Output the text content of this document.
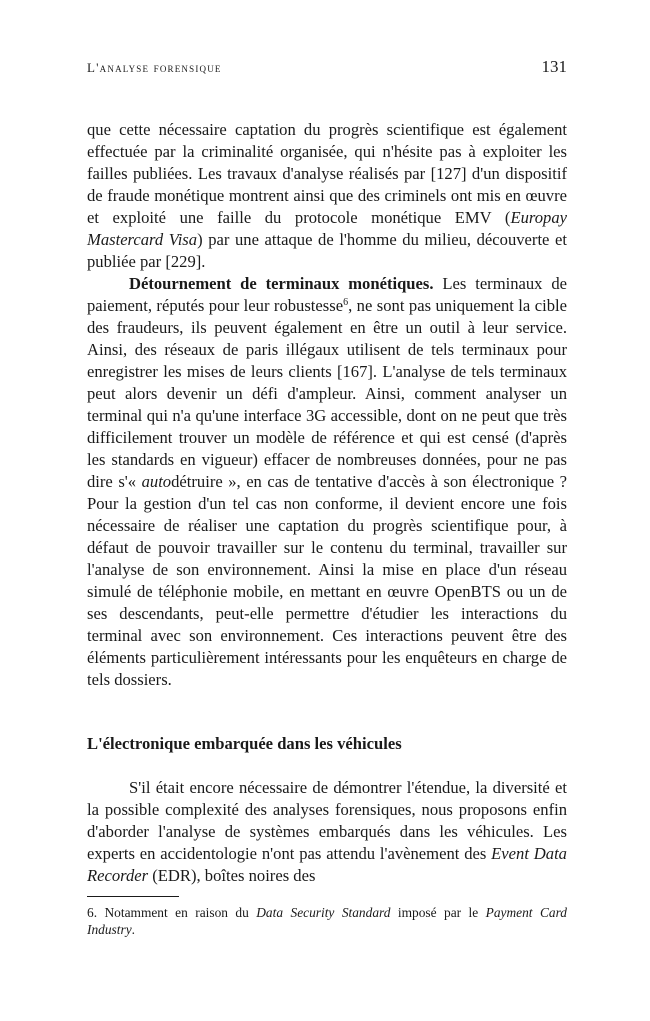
L'analyse forensique	131

que cette nécessaire captation du progrès scientifique est également effectuée par la criminalité organisée, qui n'hésite pas à exploiter les failles publiées. Les travaux d'analyse réalisés par [127] d'un dispositif de fraude monétique montrent ainsi que des criminels ont mis en œuvre et exploité une faille du protocole monétique EMV (Europay Mastercard Visa) par une attaque de l'homme du milieu, découverte et publiée par [229].

Détournement de terminaux monétiques. Les terminaux de paiement, réputés pour leur robustesse$^6$, ne sont pas uniquement la cible des fraudeurs, ils peuvent également en être un outil à leur service. Ainsi, des réseaux de paris illégaux utilisent de tels terminaux pour enregistrer les mises de leurs clients [167]. L'analyse de tels terminaux peut alors devenir un défi d'ampleur. Ainsi, comment analyser un terminal qui n'a qu'une interface 3G accessible, dont on ne peut que très difficilement trouver un modèle de référence et qui est censé (d'après les standards en vigueur) effacer de nombreuses données, pour ne pas dire s'« autodétruire », en cas de tentative d'accès à son électronique ? Pour la gestion d'un tel cas non conforme, il devient encore une fois nécessaire de réaliser une captation du progrès scientifique pour, à défaut de pouvoir travailler sur le contenu du terminal, travailler sur l'analyse de son environnement. Ainsi la mise en place d'un réseau simulé de téléphonie mobile, en mettant en œuvre OpenBTS ou un de ses descendants, peut-elle permettre d'étudier les interactions du terminal avec son environnement. Ces interactions peuvent être des éléments particulièrement intéressants pour les enquêteurs en charge de tels dossiers.

L'électronique embarquée dans les véhicules

S'il était encore nécessaire de démontrer l'étendue, la diversité et la possible complexité des analyses forensiques, nous proposons enfin d'aborder l'analyse de systèmes embarqués dans les véhicules. Les experts en accidentologie n'ont pas attendu l'avènement des Event Data Recorder (EDR), boîtes noires des

6. Notamment en raison du Data Security Standard imposé par le Payment Card Industry.
